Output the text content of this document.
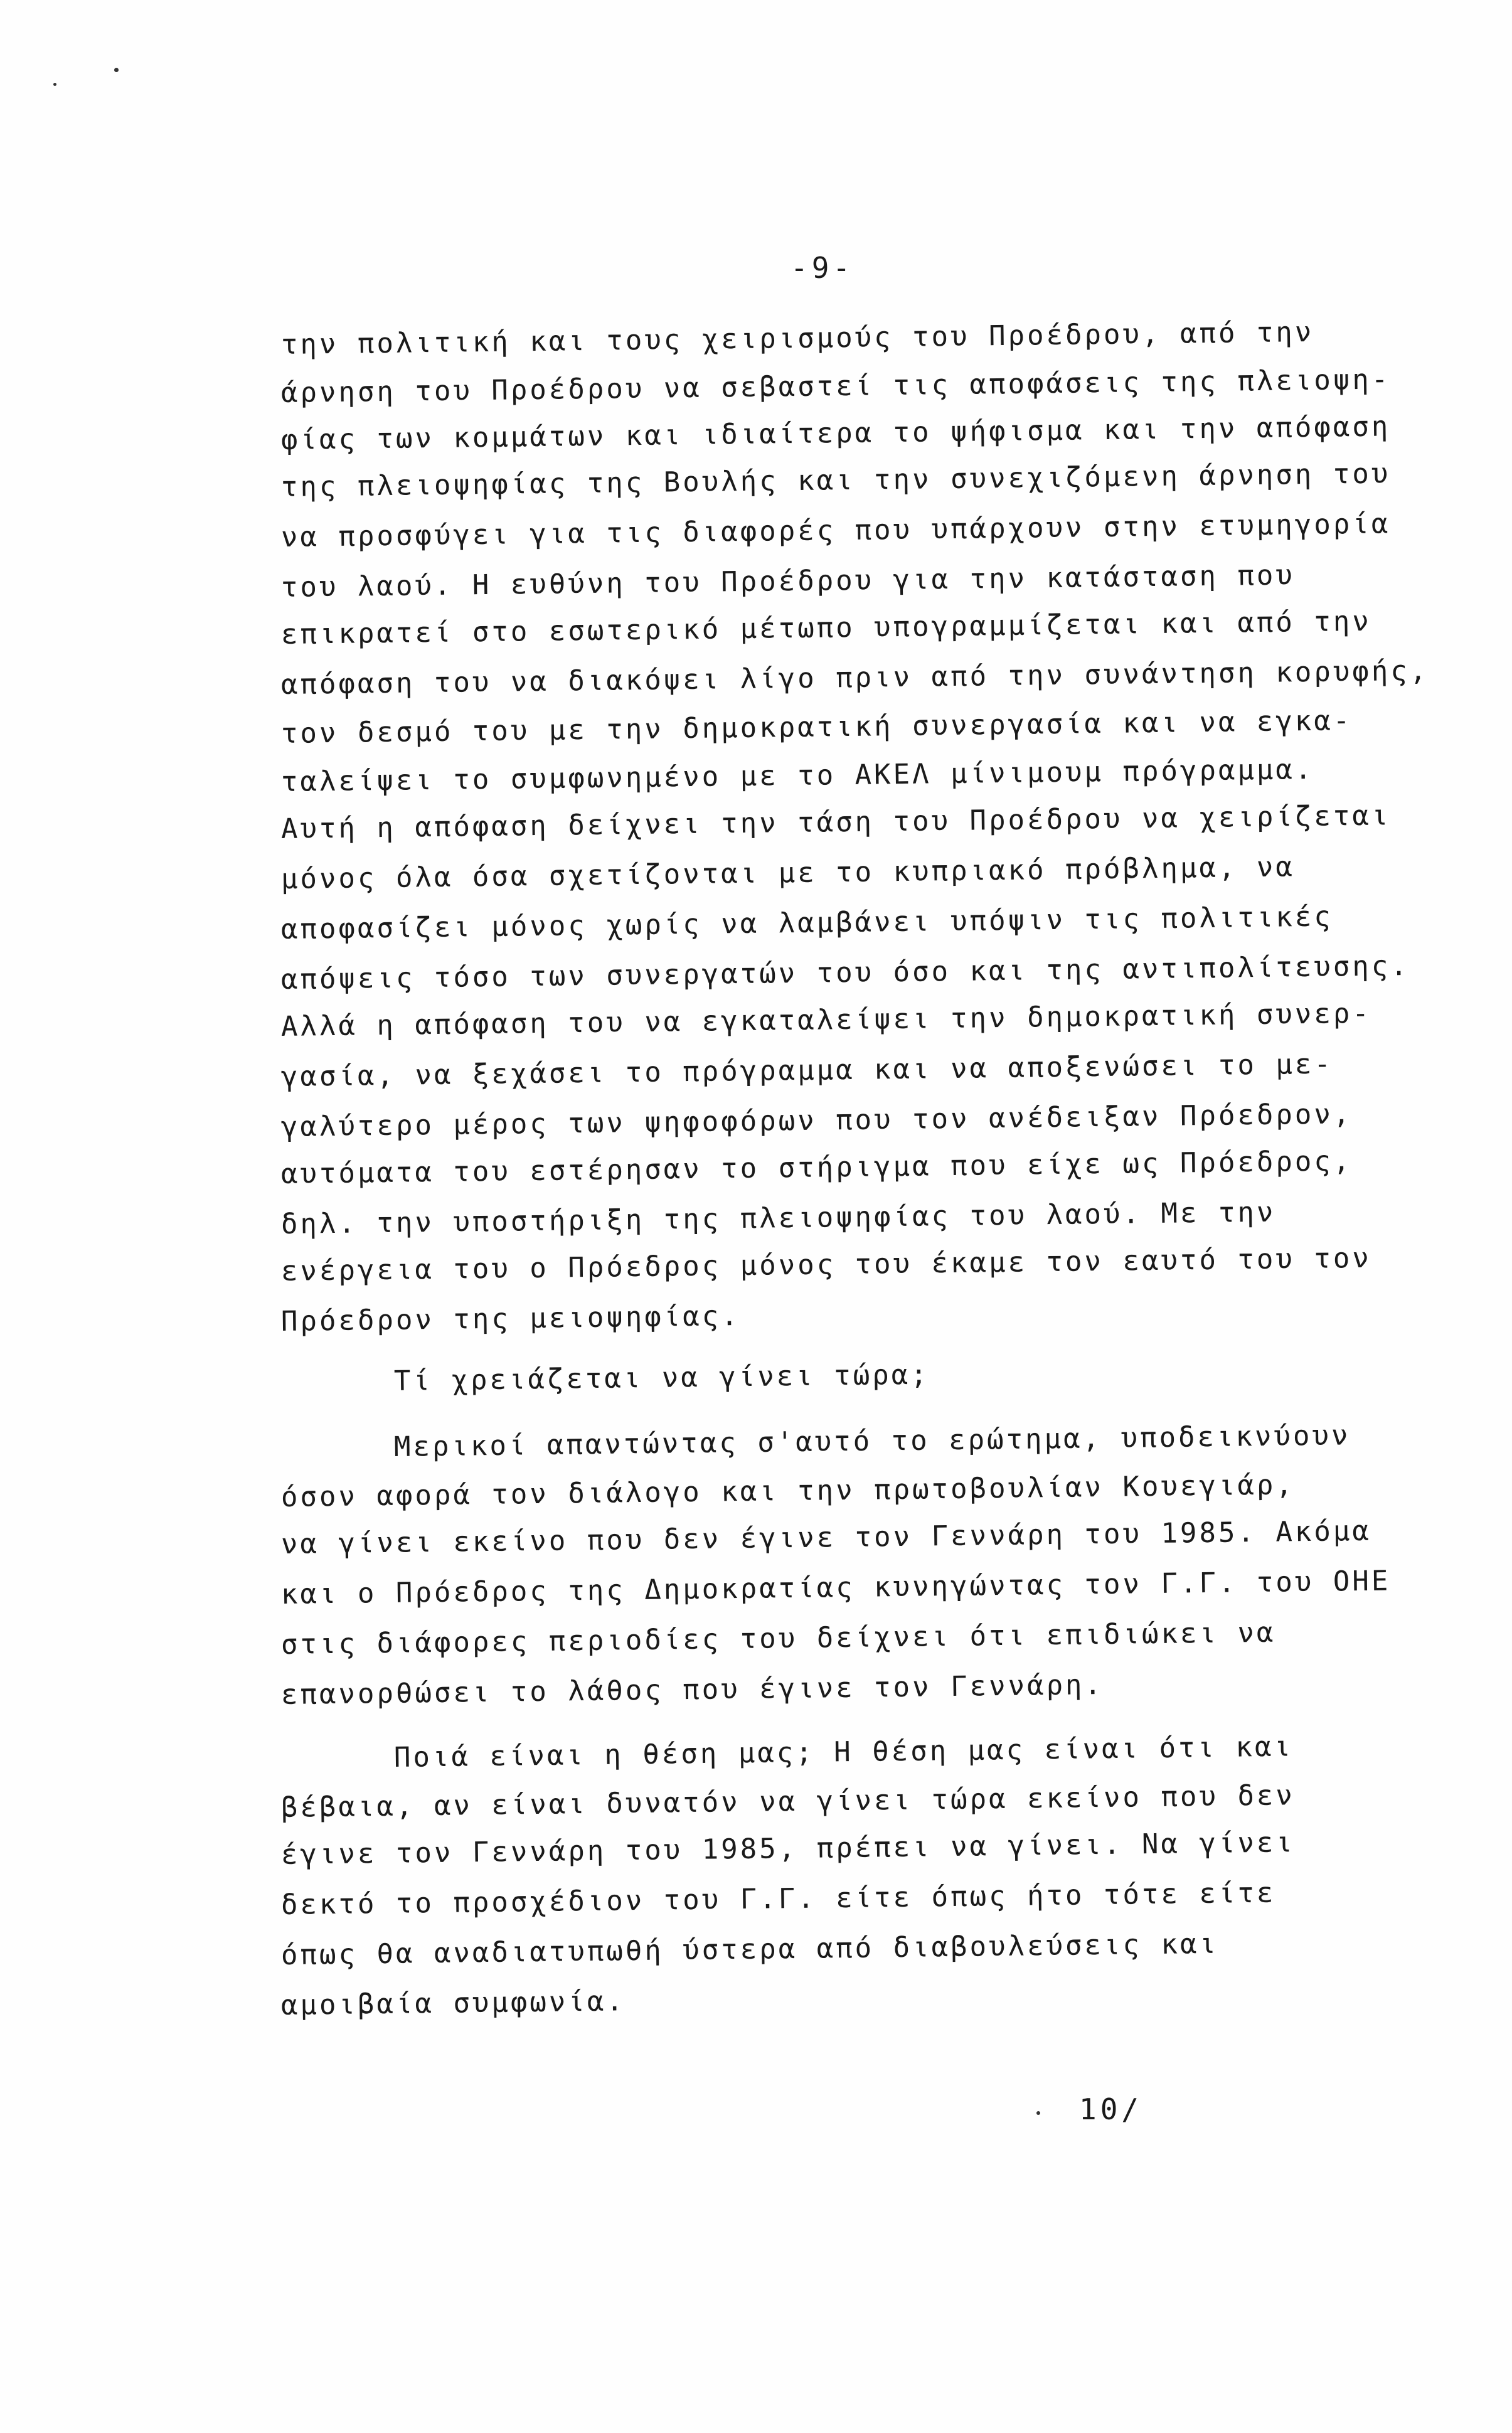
-9-
την πολιτική και τους χειρισμούς του Προέδρου, από την
άρνηση του Προέδρου να σεβαστεί τις αποφάσεις της πλειοψη-
φίας των κομμάτων και ιδιαίτερα το ψήφισμα και την απόφαση
της πλειοψηφίας της Βουλής και την συνεχιζόμενη άρνηση του
να προσφύγει για τις διαφορές που υπάρχουν στην ετυμηγορία
του λαού. Η ευθύνη του Προέδρου για την κατάσταση που
επικρατεί στο εσωτερικό μέτωπο υπογραμμίζεται και από την
απόφαση του να διακόψει λίγο πριν από την συνάντηση κορυφής,
τον δεσμό του με την δημοκρατική συνεργασία και να εγκα-
ταλείψει το συμφωνημένο με το ΑΚΕΛ μίνιμουμ πρόγραμμα.
Αυτή η απόφαση δείχνει την τάση του Προέδρου να χειρίζεται
μόνος όλα όσα σχετίζονται με το κυπριακό πρόβλημα, να
αποφασίζει μόνος χωρίς να λαμβάνει υπόψιν τις πολιτικές
απόψεις τόσο των συνεργατών του όσο και της αντιπολίτευσης.
Αλλά η απόφαση του να εγκαταλείψει την δημοκρατική συνερ-
γασία, να ξεχάσει το πρόγραμμα και να αποξενώσει το με-
γαλύτερο μέρος των ψηφοφόρων που τον ανέδειξαν Πρόεδρον,
αυτόματα του εστέρησαν το στήριγμα που είχε ως Πρόεδρος,
δηλ. την υποστήριξη της πλειοψηφίας του λαού. Με την
ενέργεια του ο Πρόεδρος μόνος του έκαμε τον εαυτό του τον
Πρόεδρον της μειοψηφίας.
Τί χρειάζεται να γίνει τώρα;
Μερικοί απαντώντας σ'αυτό το ερώτημα, υποδεικνύουν
όσον αφορά τον διάλογο και την πρωτοβουλίαν Κουεγιάρ,
να γίνει εκείνο που δεν έγινε τον Γεννάρη του 1985. Ακόμα
και ο Πρόεδρος της Δημοκρατίας κυνηγώντας τον Γ.Γ. του ΟΗΕ
στις διάφορες περιοδίες του δείχνει ότι επιδιώκει να
επανορθώσει το λάθος που έγινε τον Γεννάρη.
Ποιά είναι η θέση μας; Η θέση μας είναι ότι και
βέβαια, αν είναι δυνατόν να γίνει τώρα εκείνο που δεν
έγινε τον Γεννάρη του 1985, πρέπει να γίνει. Να γίνει
δεκτό το προσχέδιον του Γ.Γ. είτε όπως ήτο τότε είτε
όπως θα αναδιατυπωθή ύστερα από διαβουλεύσεις και
αμοιβαία συμφωνία.
10/
